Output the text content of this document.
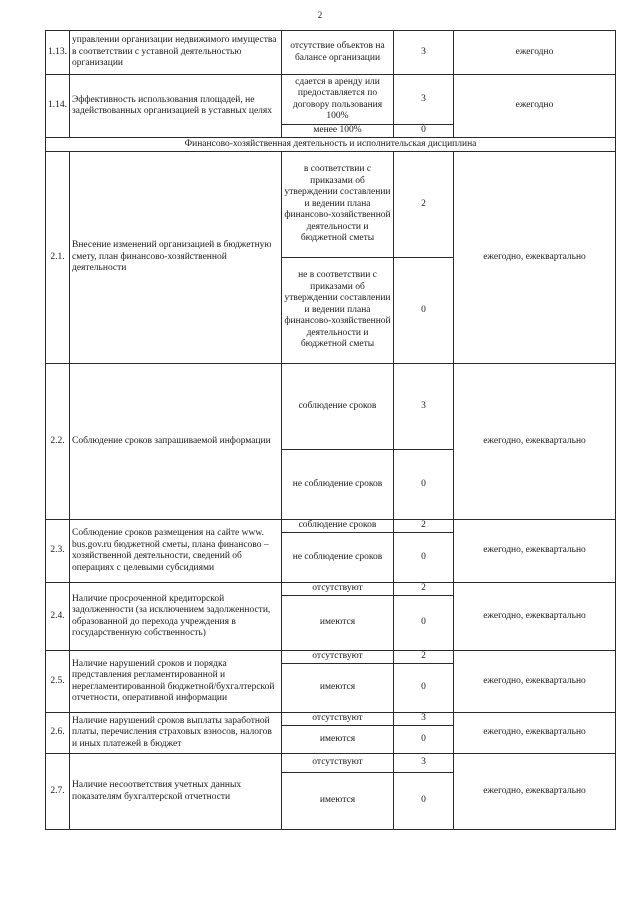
2
1.13.	управлении организации недвижимого имущества в соответствии с уставной деятельностью организации	отсутствие объектов на балансе организации	3	ежегодно
1.14.	Эффективность использования площадей, не задействованных организацией в уставных целях	сдается в аренду или предоставляется по договору пользования 100%	3	ежегодно
		менее 100%	0	
Финансово-хозяйственная деятельность и исполнительская дисциплина				
2.1.	Внесение изменений организацией в бюджетную смету, план финансово-хозяйственной деятельности	в соответствии с приказами об утверждении составлении и ведении плана финансово-хозяйственной деятельности и бюджетной сметы	2	ежегодно, ежеквартально
		не в соответствии с приказами об утверждении составлении и ведении плана финансово-хозяйственной деятельности и бюджетной сметы	0	
2.2.	Соблюдение сроков запрашиваемой информации	соблюдение сроков	3	ежегодно, ежеквартально
		не соблюдение сроков	0	
2.3.	Соблюдение сроков размещения на сайте www. bus.gov.ru бюджетной сметы, плана финансово – хозяйственной деятельности, сведений об операциях с целевыми субсидиями	соблюдение сроков	2	ежегодно, ежеквартально
		не соблюдение сроков	0	
2.4.	Наличие просроченной кредиторской задолженности (за исключением задолженности, образованной до перехода учреждения в государственную собственность)	отсутствуют	2	ежегодно, ежеквартально
		имеются	0	
2.5.	Наличие нарушений сроков и порядка представления регламентированной и нерегламентированной бюджетной/бухгалтерской отчетности, оперативной информации	отсутствуют	2	ежегодно, ежеквартально
		имеются	0	
2.6.	Наличие нарушений сроков выплаты заработной платы, перечисления страховых взносов, налогов и иных платежей в бюджет	отсутствуют	3	ежегодно, ежеквартально
		имеются	0	
2.7.	Наличие несоответствия учетных данных показателям бухгалтерской отчетности	отсутствуют	3	ежегодно, ежеквартально
		имеются	0	
